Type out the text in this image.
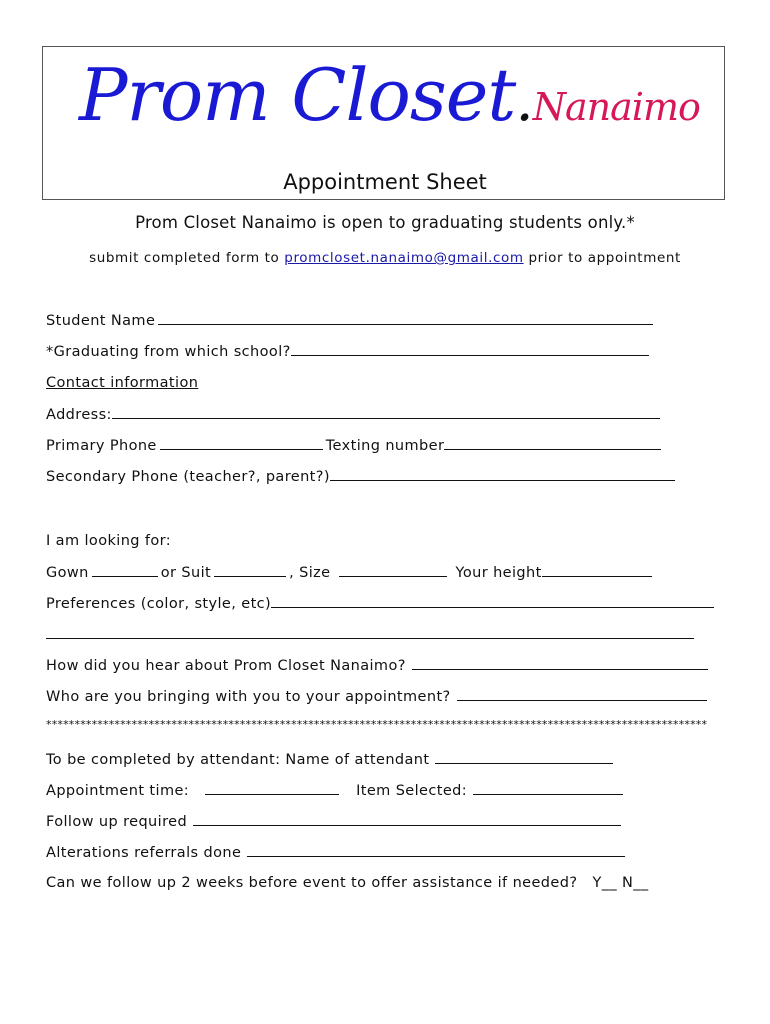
Prom Closet.Nanaimo
Appointment Sheet
Prom Closet Nanaimo is open to graduating students only.*
submit completed form to promcloset.nanaimo@gmail.com prior to appointment
Student Name
*Graduating from which school?
Contact information
Address:
Primary Phone	Texting number
Secondary Phone (teacher?, parent?)
I am looking for:
Gown	or Suit	, Size	Your height
Preferences (color, style, etc)
How did you hear about Prom Closet Nanaimo?
Who are you bringing with you to your appointment?
********************************************************************************************************************
To be completed by attendant: Name of attendant
Appointment time:	Item Selected:
Follow up required
Alterations referrals done
Can we follow up 2 weeks before event to offer assistance if needed? Y__ N__
